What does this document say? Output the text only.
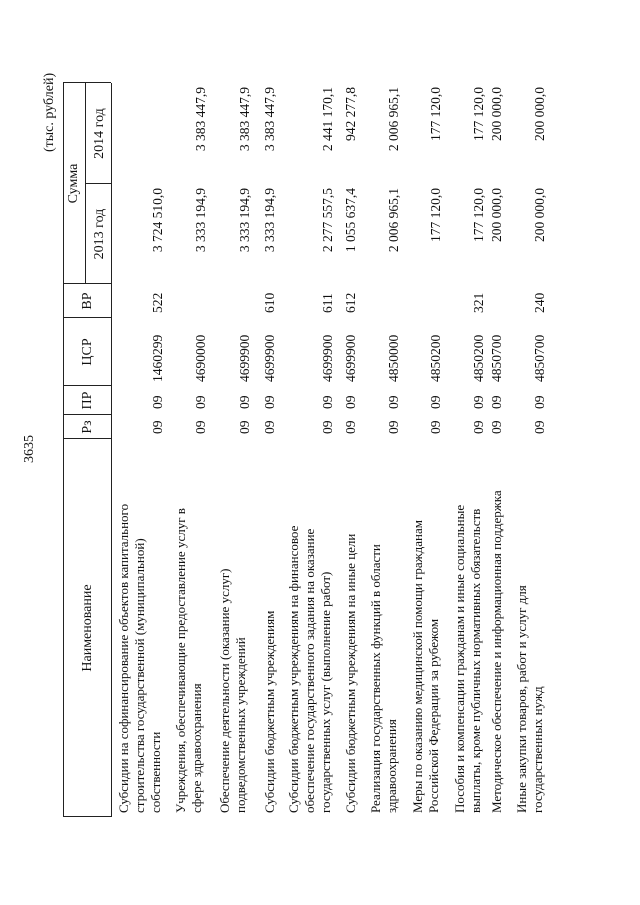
3635
(тыс. рублей)
Наименование
Рз
ПР
ЦСР
ВР
Сумма
2013 год
2014 год
Субсидии на софинансирование объектов капитального строительства государственной (муниципальной) собственности
09
09
1460299
522
3 724 510,0
Учреждения, обеспечивающие предоставление услуг в сфере здравоохранения
09
09
4690000
3 333 194,9
3 383 447,9
Обеспечение деятельности (оказание услуг) подведомственных учреждений
09
09
4699900
3 333 194,9
3 383 447,9
Субсидии бюджетным учреждениям
09
09
4699900
610
3 333 194,9
3 383 447,9
Субсидии бюджетным учреждениям на финансовое обеспечение государственного задания на оказание государственных услуг (выполнение работ)
09
09
4699900
611
2 277 557,5
2 441 170,1
Субсидии бюджетным учреждениям на иные цели
09
09
4699900
612
1 055 637,4
942 277,8
Реализация государственных функций в области здравоохранения
09
09
4850000
2 006 965,1
2 006 965,1
Меры по оказанию медицинской помощи гражданам Российской Федерации за рубежом
09
09
4850200
177 120,0
177 120,0
Пособия и компенсации гражданам и иные социальные выплаты, кроме публичных нормативных обязательств
09
09
4850200
321
177 120,0
177 120,0
Методическое обеспечение и информационная поддержка
09
09
4850700
200 000,0
200 000,0
Иные закупки товаров, работ и услуг для государственных нужд
09
09
4850700
240
200 000,0
200 000,0
